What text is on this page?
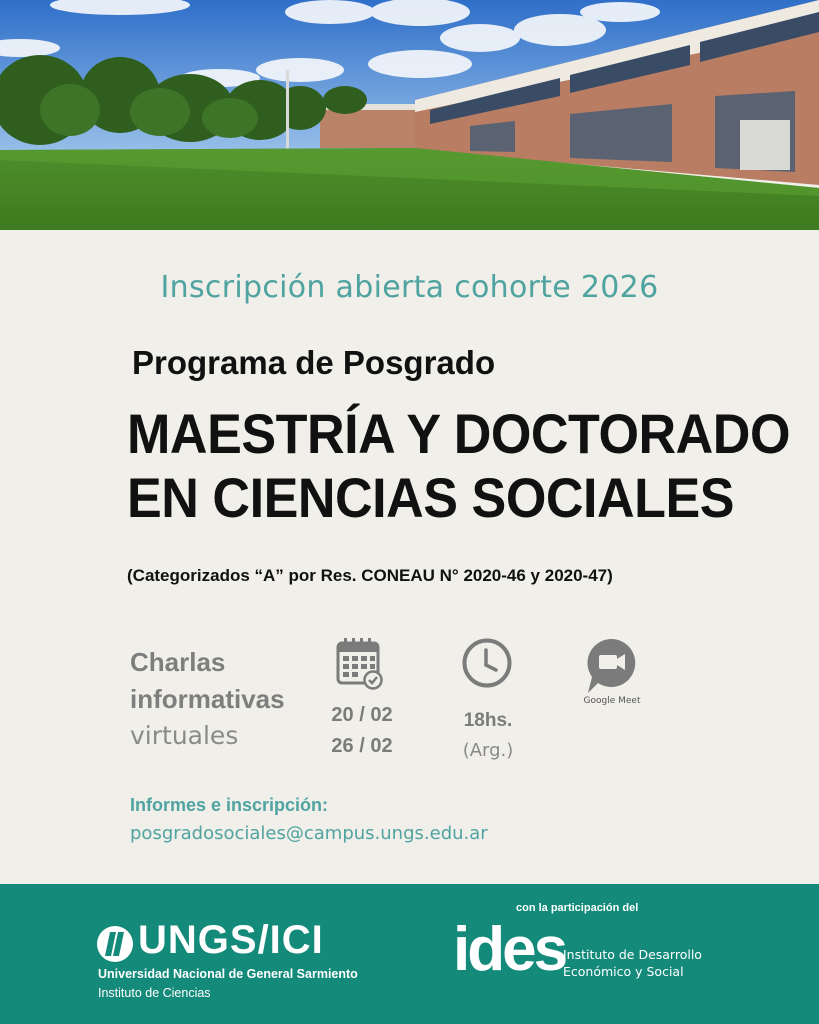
Inscripción abierta cohorte 2026
Programa de Posgrado
MAESTRÍA Y DOCTORADO
EN CIENCIAS SOCIALES
(Categorizados “A” por Res. CONEAU N° 2020-46 y 2020-47)
Charlas
informativas
virtuales
20 / 02
26 / 02
18hs.
(Arg.)
Google Meet
Informes e inscripción:
posgradosociales@campus.ungs.edu.ar
UNGS/ICI
Universidad Nacional de General Sarmiento
Instituto de Ciencias
con la participación del
ides
Instituto de Desarrollo
Económico y Social
